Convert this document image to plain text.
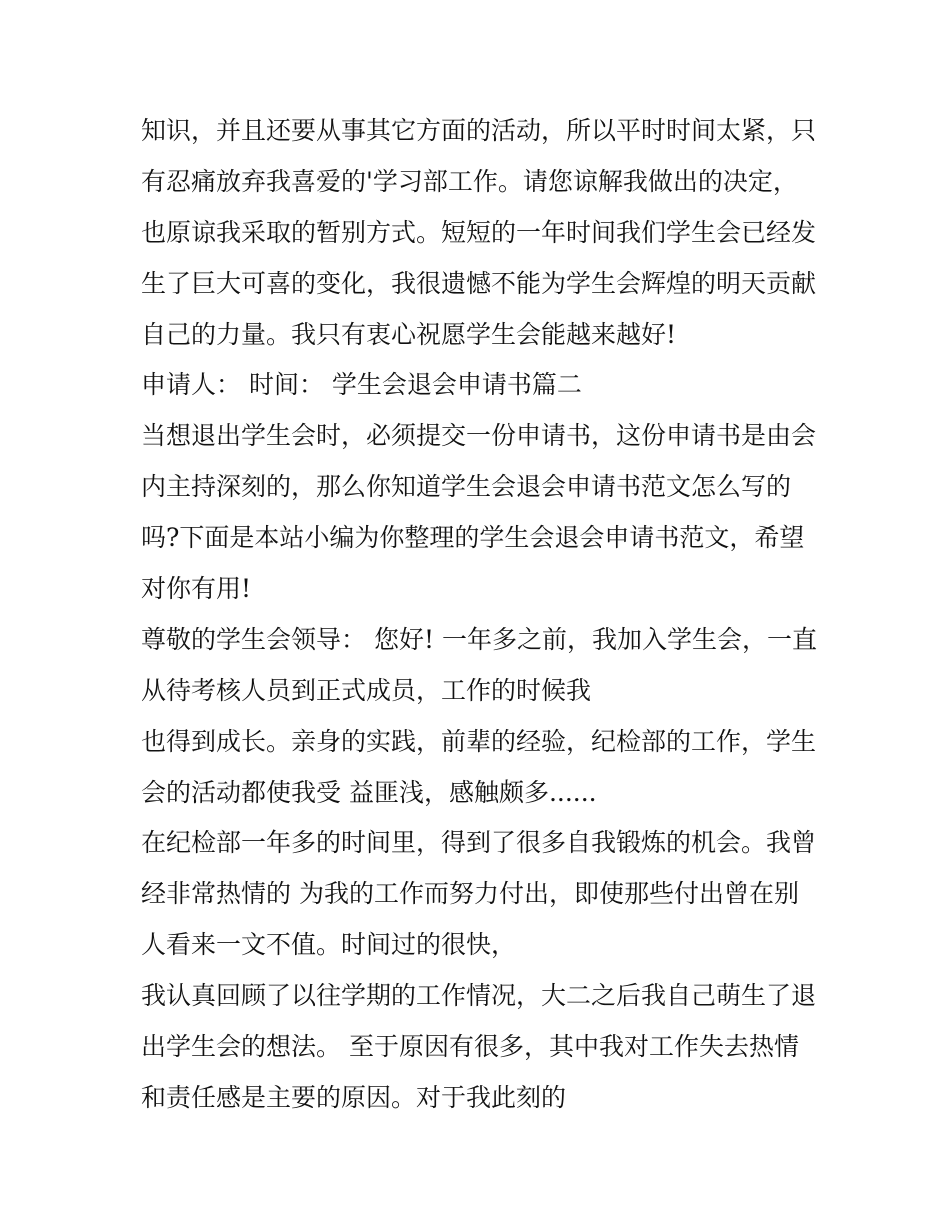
知识，并且还要从事其它方面的活动，所以平时时间太紧，只
有忍痛放弃我喜爱的'学习部工作。请您谅解我做出的决定，
也原谅我采取的暂别方式。短短的一年时间我们学生会已经发
生了巨大可喜的变化，我很遗憾不能为学生会辉煌的明天贡献
自己的力量。我只有衷心祝愿学生会能越来越好!
申请人： 时间： 学生会退会申请书篇二
当想退出学生会时，必须提交一份申请书，这份申请书是由会
内主持深刻的，那么你知道学生会退会申请书范文怎么写的
吗?下面是本站小编为你整理的学生会退会申请书范文，希望
对你有用!
尊敬的学生会领导： 您好! 一年多之前，我加入学生会，一直
从待考核人员到正式成员，工作的时候我
也得到成长。亲身的实践，前辈的经验，纪检部的工作，学生
会的活动都使我受 益匪浅，感触颇多......
在纪检部一年多的时间里，得到了很多自我锻炼的机会。我曾
经非常热情的 为我的工作而努力付出，即使那些付出曾在别
人看来一文不值。时间过的很快，
我认真回顾了以往学期的工作情况，大二之后我自己萌生了退
出学生会的想法。 至于原因有很多，其中我对工作失去热情
和责任感是主要的原因。对于我此刻的
